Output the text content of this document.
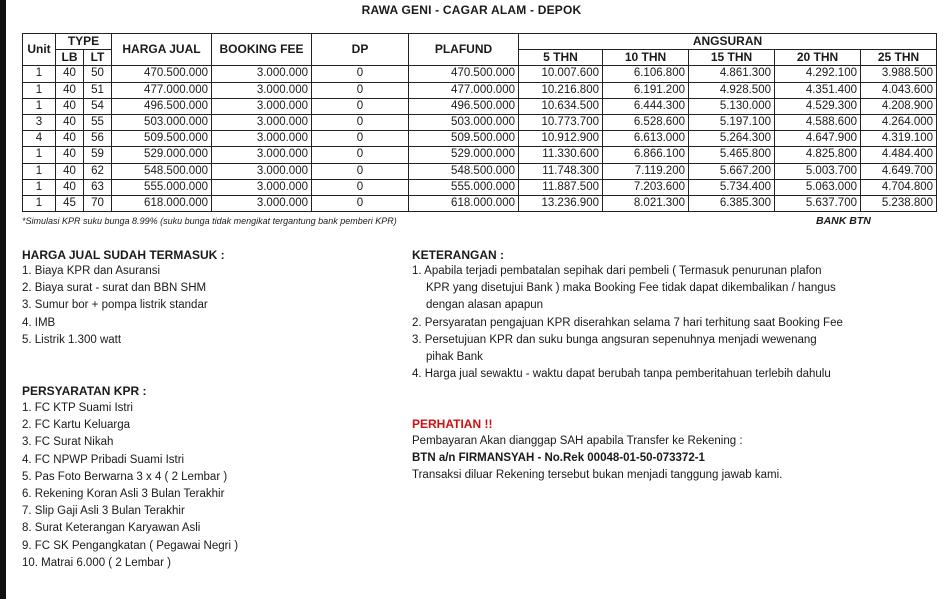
RAWA GENI - CAGAR ALAM - DEPOK
Unit	TYPE		HARGA JUAL	BOOKING FEE	DP	PLAFUND	ANGSURAN				
	LB	LT					5 THN	10 THN	15 THN	20 THN	25 THN
1	40	50	470.500.000	3.000.000	0	470.500.000	10.007.600	6.106.800	4.861.300	4.292.100	3.988.500
1	40	51	477.000.000	3.000.000	0	477.000.000	10.216.800	6.191.200	4.928.500	4.351.400	4.043.600
1	40	54	496.500.000	3.000.000	0	496.500.000	10.634.500	6.444.300	5.130.000	4.529.300	4.208.900
3	40	55	503.000.000	3.000.000	0	503.000.000	10.773.700	6.528.600	5.197.100	4.588.600	4.264.000
4	40	56	509.500.000	3.000.000	0	509.500.000	10.912.900	6.613.000	5.264.300	4.647.900	4.319.100
1	40	59	529.000.000	3.000.000	0	529.000.000	11.330.600	6.866.100	5.465.800	4.825.800	4.484.400
1	40	62	548.500.000	3.000.000	0	548.500.000	11.748.300	7.119.200	5.667.200	5.003.700	4.649.700
1	40	63	555.000.000	3.000.000	0	555.000.000	11.887.500	7.203.600	5.734.400	5.063.000	4.704.800
1	45	70	618.000.000	3.000.000	0	618.000.000	13.236.900	8.021.300	6.385.300	5.637.700	5.238.800
*Simulasi KPR suku bunga 8.99% (suku bunga tidak mengikat tergantung bank pemberi KPR)	BANK BTN
HARGA JUAL SUDAH TERMASUK :
1. Biaya KPR dan Asuransi
2. Biaya surat - surat dan BBN SHM
3. Sumur bor + pompa listrik standar
4. IMB
5. Listrik 1.300 watt
PERSYARATAN KPR :
1. FC KTP Suami Istri
2. FC Kartu Keluarga
3. FC Surat Nikah
4. FC NPWP Pribadi Suami Istri
5. Pas Foto Berwarna 3 x 4 ( 2 Lembar )
6. Rekening Koran Asli 3 Bulan Terakhir
7. Slip Gaji Asli 3 Bulan Terakhir
8. Surat Keterangan Karyawan Asli
9. FC SK Pengangkatan ( Pegawai Negri )
10. Matrai 6.000 ( 2 Lembar )
KETERANGAN :
1. Apabila terjadi pembatalan sepihak dari pembeli ( Termasuk penurunan plafon
KPR yang disetujui Bank ) maka Booking Fee tidak dapat dikembalikan / hangus
dengan alasan apapun
2. Persyaratan pengajuan KPR diserahkan selama 7 hari terhitung saat Booking Fee
3. Persetujuan KPR dan suku bunga angsuran sepenuhnya menjadi wewenang
pihak Bank
4. Harga jual sewaktu - waktu dapat berubah tanpa pemberitahuan terlebih dahulu
PERHATIAN !!
Pembayaran Akan dianggap SAH apabila Transfer ke Rekening :
BTN a/n FIRMANSYAH - No.Rek 00048-01-50-073372-1
Transaksi diluar Rekening tersebut bukan menjadi tanggung jawab kami.
